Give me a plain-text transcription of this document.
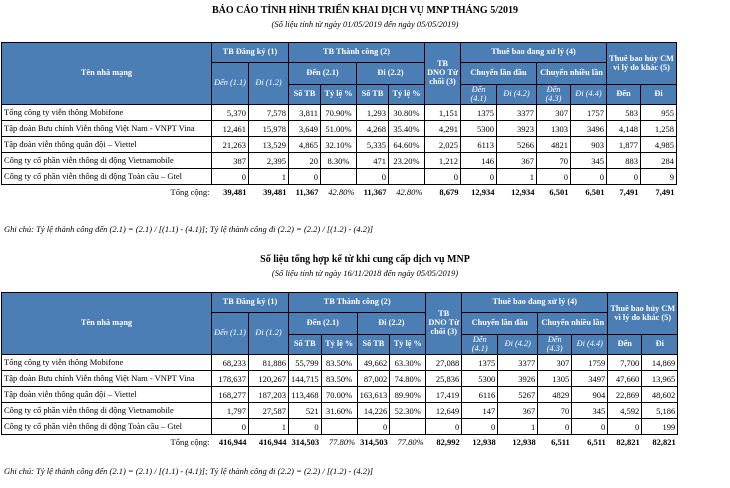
BÁO CÁO TÌNH HÌNH TRIỂN KHAI DỊCH VỤ MNP THÁNG 5/2019
(Số liệu tính từ ngày 01/05/2019 đến ngày 05/05/2019)
Ghi chú: Tỷ lệ thành công đến (2.1) = (2.1) / [(1.1) - (4.1)]; Tỷ lệ thành công đi (2.2) = (2.2) / [(1.2) - (4.2)]
Số liệu tổng hợp kể từ khi cung cấp dịch vụ MNP
(Số liệu tính từ ngày 16/11/2018 đến ngày 05/05/2019)
Ghi chú: Tỷ lệ thành công đến (2.1) = (2.1) / [(1.1) - (4.1)]; Tỷ lệ thành công đi (2.2) = (2.2) / [(1.2) - (4.2)]
Tên nhà mạng	TB Đăng ký (1)		TB Thành công (2)				TB DNO Từ chối (3)	Thuê bao đang xử lý (4)				Thuê bao hủy CM vì lý do khác (5)	
	Đến (1.1)	Đi (1.2)	Đến (2.1)		Đi (2.2)			Chuyển lần đầu		Chuyển nhiều lần			
			Số TB	Tỷ lệ %	Số TB	Tỷ lệ %		Đến (4.1)	Đi (4.2)	Đến (4.3)	Đi (4.4)	Đến	Đi
Tổng công ty viễn thông Mobifone	5,370	7,578	3,811	70.90%	1,293	30.80%	1,151	1375	3377	307	1757	583	955
Tập đoàn Bưu chính Viễn thông Việt Nam - VNPT Vina	12,461	15,978	3,649	51.00%	4,268	35.40%	4,291	5300	3923	1303	3496	4,148	1,258
Tập đoàn viễn thông quân đội – Viettel	21,263	13,529	4,865	32.10%	5,335	64.60%	2,025	6113	5266	4821	903	1,877	4,985
Công ty cổ phần viễn thông di động Vietnamobile	387	2,395	20	8.30%	471	23.20%	1,212	146	367	70	345	883	284
Công ty cổ phần viễn thông di động Toàn cầu – Gtel	0	1	0		0		0	0	1	0	0	0	9
Tổng cộng:	39,481	39,481	11,367	42.80%	11,367	42.80%	8,679	12,934	12,934	6,501	6,501	7,491	7,491
Tên nhà mạng	TB Đăng ký (1)		TB Thành công (2)				TB DNO Từ chối (3)	Thuê bao đang xử lý (4)				Thuê bao hủy CM vì lý do khác (5)	
	Đến (1.1)	Đi (1.2)	Đến (2.1)		Đi (2.2)			Chuyển lần đầu		Chuyển nhiều lần			
			Số TB	Tỷ lệ %	Số TB	Tỷ lệ %		Đến (4.1)	Đi (4.2)	Đến (4.3)	Đi (4.4)	Đến	Đi
Tổng công ty viễn thông Mobifone	68,233	81,886	55,799	83.50%	49,662	63.30%	27,088	1375	3377	307	1759	7,700	14,869
Tập đoàn Bưu chính Viễn thông Việt Nam - VNPT Vina	178,637	120,267	144,715	83.50%	87,002	74.80%	25,836	5300	3926	1305	3497	47,660	13,965
Tập đoàn viễn thông quân đội – Viettel	168,277	187,203	113,468	70.00%	163,613	89.90%	17,419	6116	5267	4829	904	22,869	48,602
Công ty cổ phần viễn thông di động Vietnamobile	1,797	27,587	521	31.60%	14,226	52.30%	12,649	147	367	70	345	4,592	5,186
Công ty cổ phần viễn thông di động Toàn cầu – Gtel	0	1	0		0		0	0	1	0	0	0	199
Tổng cộng:	416,944	416,944	314,503	77.80%	314,503	77.80%	82,992	12,938	12,938	6,511	6,511	82,821	82,821
